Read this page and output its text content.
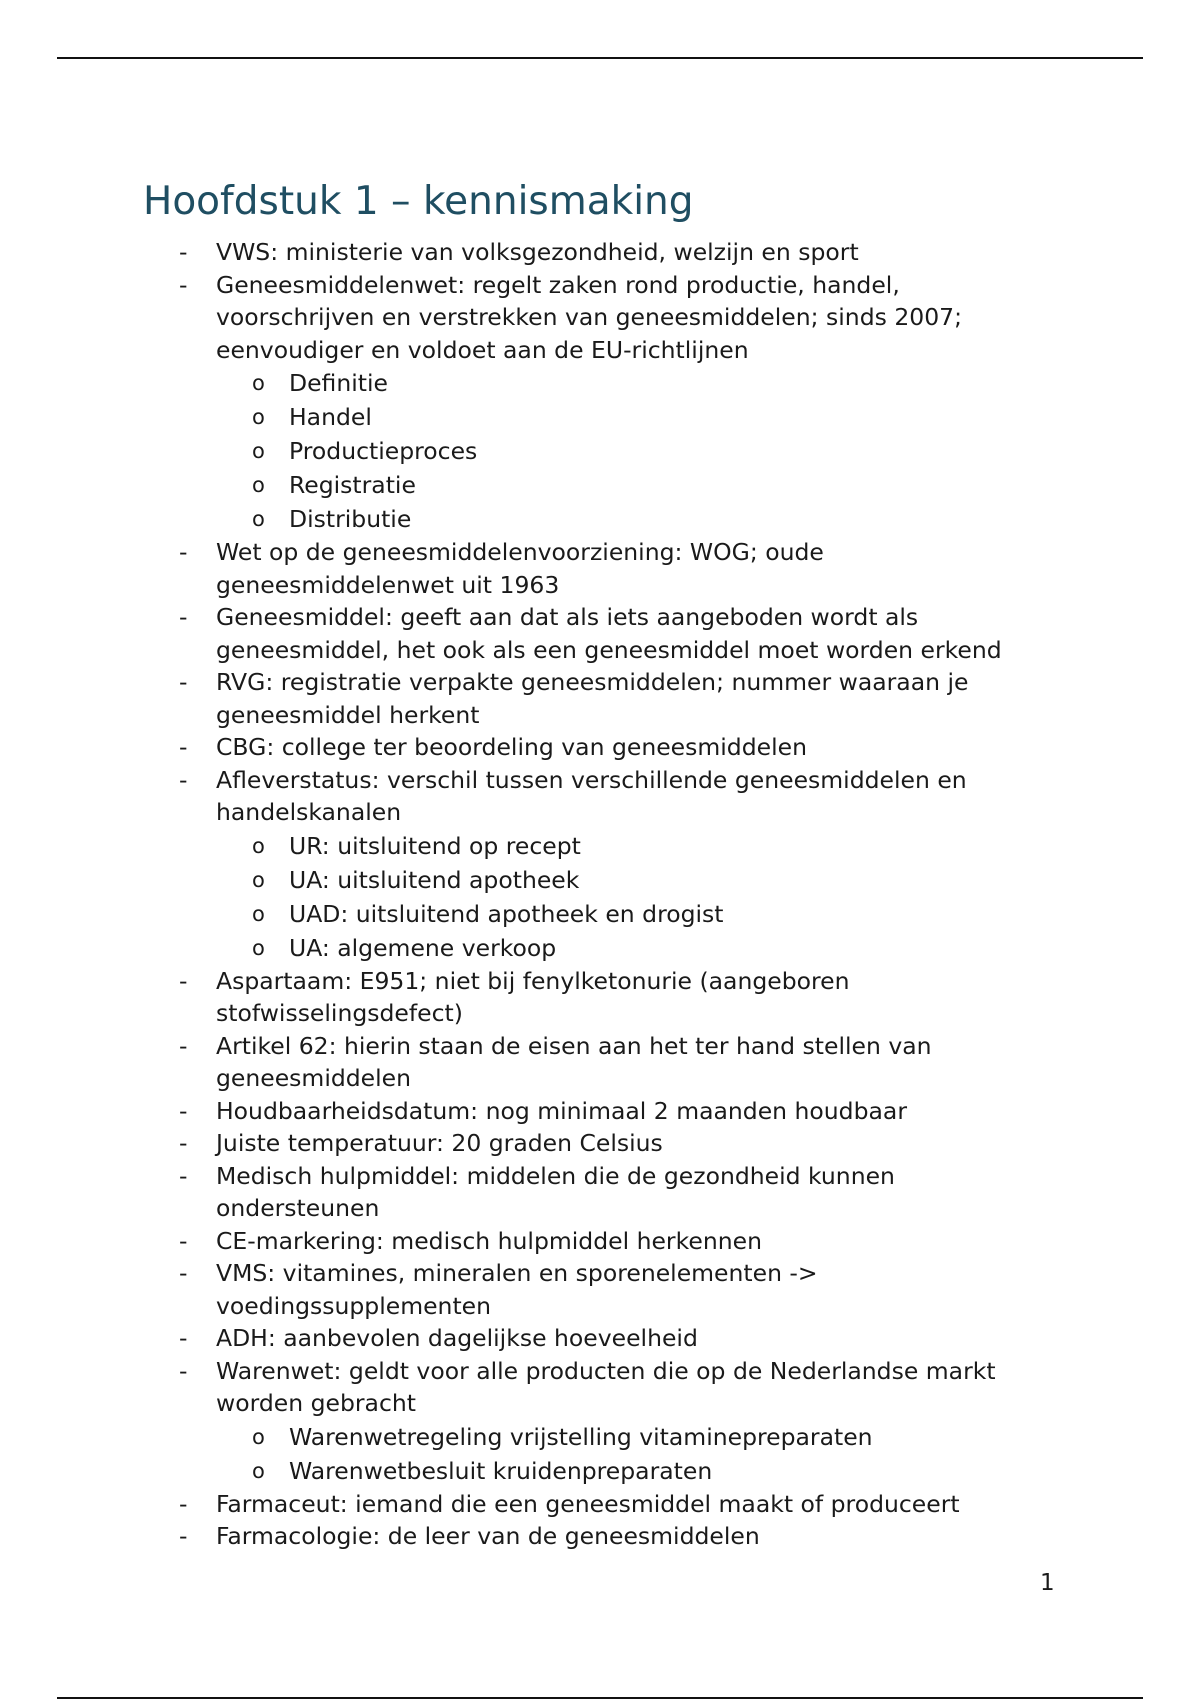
Hoofdstuk 1 – kennismaking
- VWS: ministerie van volksgezondheid, welzijn en sport
- Geneesmiddelenwet: regelt zaken rond productie, handel, voorschrijven en verstrekken van geneesmiddelen; sinds 2007; eenvoudiger en voldoet aan de EU-richtlijnen
o Definitie
o Handel
o Productieproces
o Registratie
o Distributie
- Wet op de geneesmiddelenvoorziening: WOG; oude geneesmiddelenwet uit 1963
- Geneesmiddel: geeft aan dat als iets aangeboden wordt als geneesmiddel, het ook als een geneesmiddel moet worden erkend
- RVG: registratie verpakte geneesmiddelen; nummer waaraan je geneesmiddel herkent
- CBG: college ter beoordeling van geneesmiddelen
- Afleverstatus: verschil tussen verschillende geneesmiddelen en handelskanalen
o UR: uitsluitend op recept
o UA: uitsluitend apotheek
o UAD: uitsluitend apotheek en drogist
o UA: algemene verkoop
- Aspartaam: E951; niet bij fenylketonurie (aangeboren stofwisselingsdefect)
- Artikel 62: hierin staan de eisen aan het ter hand stellen van geneesmiddelen
- Houdbaarheidsdatum: nog minimaal 2 maanden houdbaar
- Juiste temperatuur: 20 graden Celsius
- Medisch hulpmiddel: middelen die de gezondheid kunnen ondersteunen
- CE-markering: medisch hulpmiddel herkennen
- VMS: vitamines, mineralen en sporenelementen -> voedingssupplementen
- ADH: aanbevolen dagelijkse hoeveelheid
- Warenwet: geldt voor alle producten die op de Nederlandse markt worden gebracht
o Warenwetregeling vrijstelling vitaminepreparaten
o Warenwetbesluit kruidenpreparaten
- Farmaceut: iemand die een geneesmiddel maakt of produceert
- Farmacologie: de leer van de geneesmiddelen
1
